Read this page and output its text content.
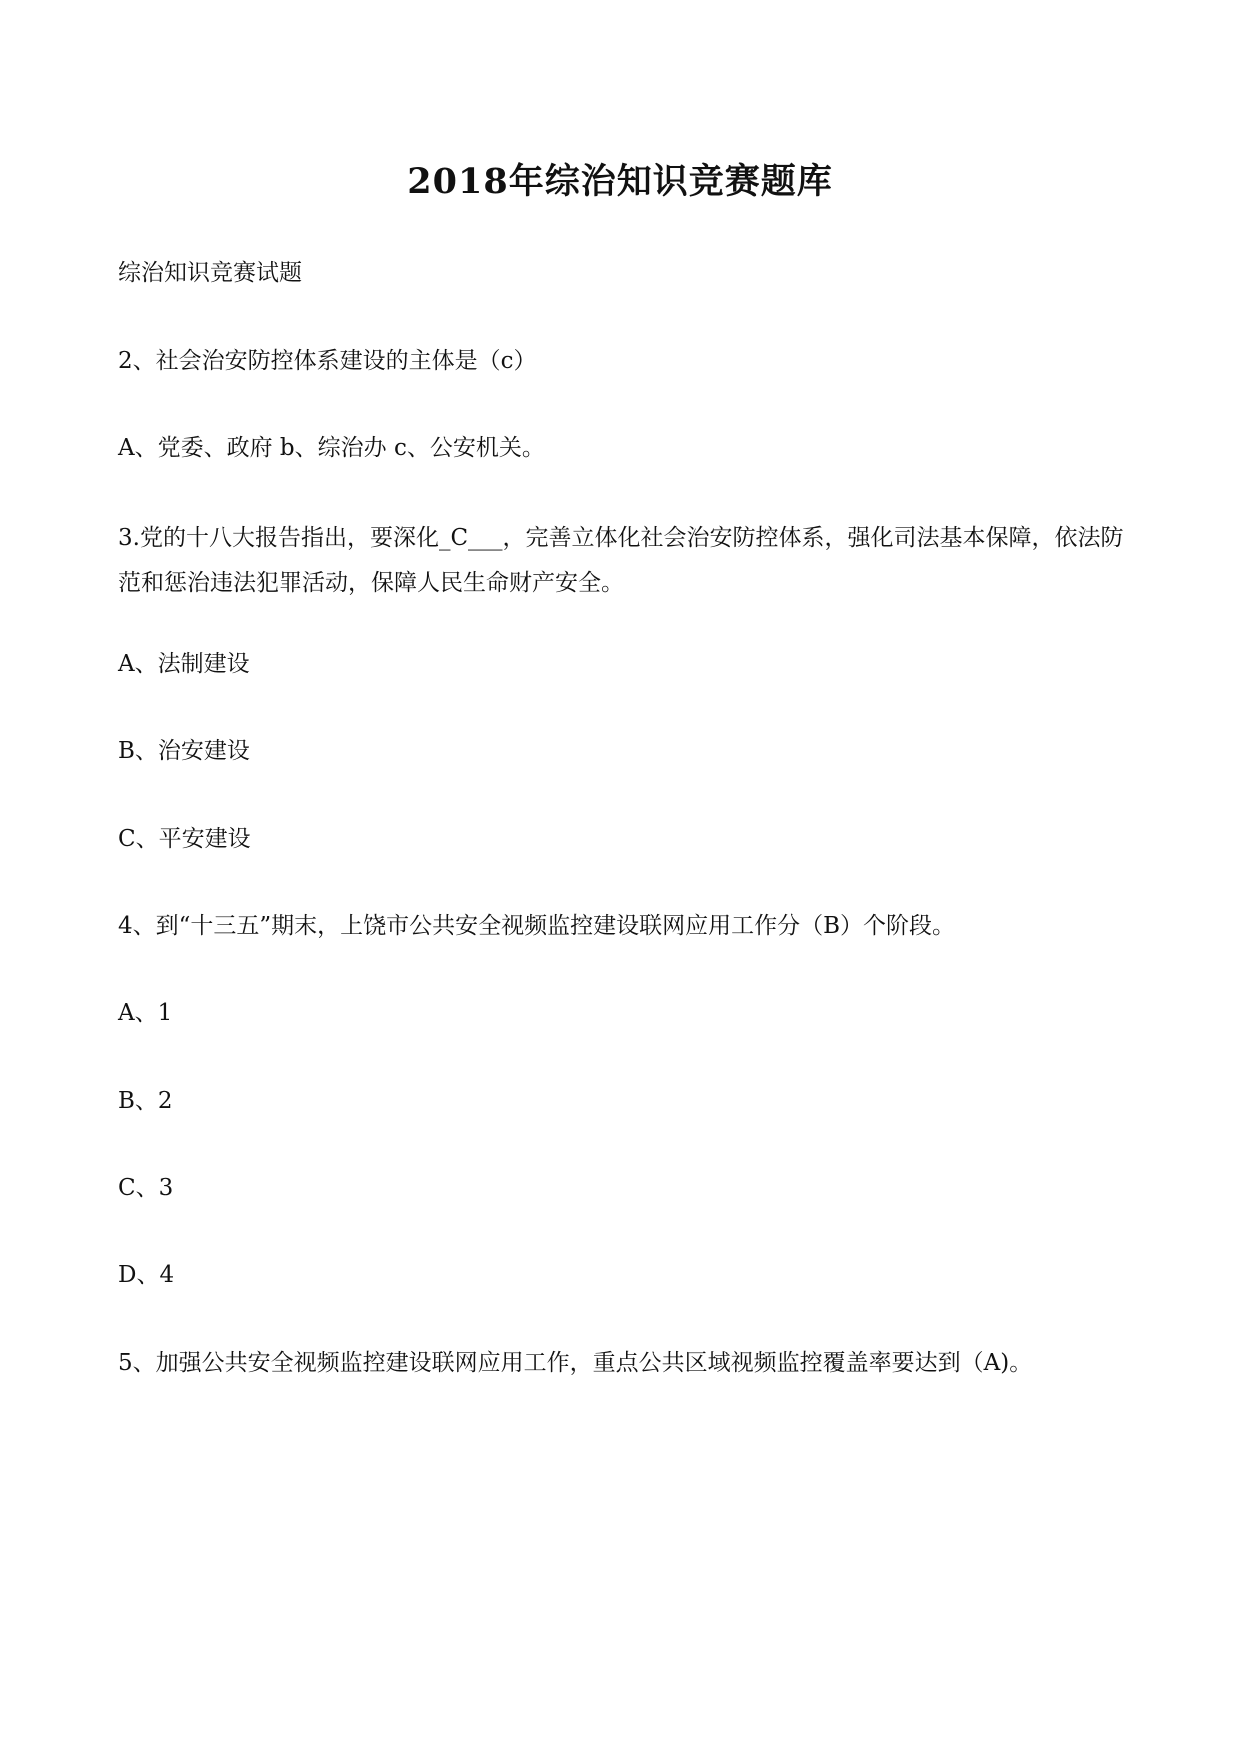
2018年综治知识竞赛题库
综治知识竞赛试题
2、社会治安防控体系建设的主体是（c）
A、党委、政府 b、综治办 c、公安机关。
3.党的十八大报告指出，要深化_C___，完善立体化社会治安防控体系，强化司法基本保障，依法防范和惩治违法犯罪活动，保障人民生命财产安全。
A、法制建设
B、治安建设
C、平安建设
4、到“十三五”期末，上饶市公共安全视频监控建设联网应用工作分（B）个阶段。
A、1
B、2
C、3
D、4
5、加强公共安全视频监控建设联网应用工作，重点公共区域视频监控覆盖率要达到（A)。
